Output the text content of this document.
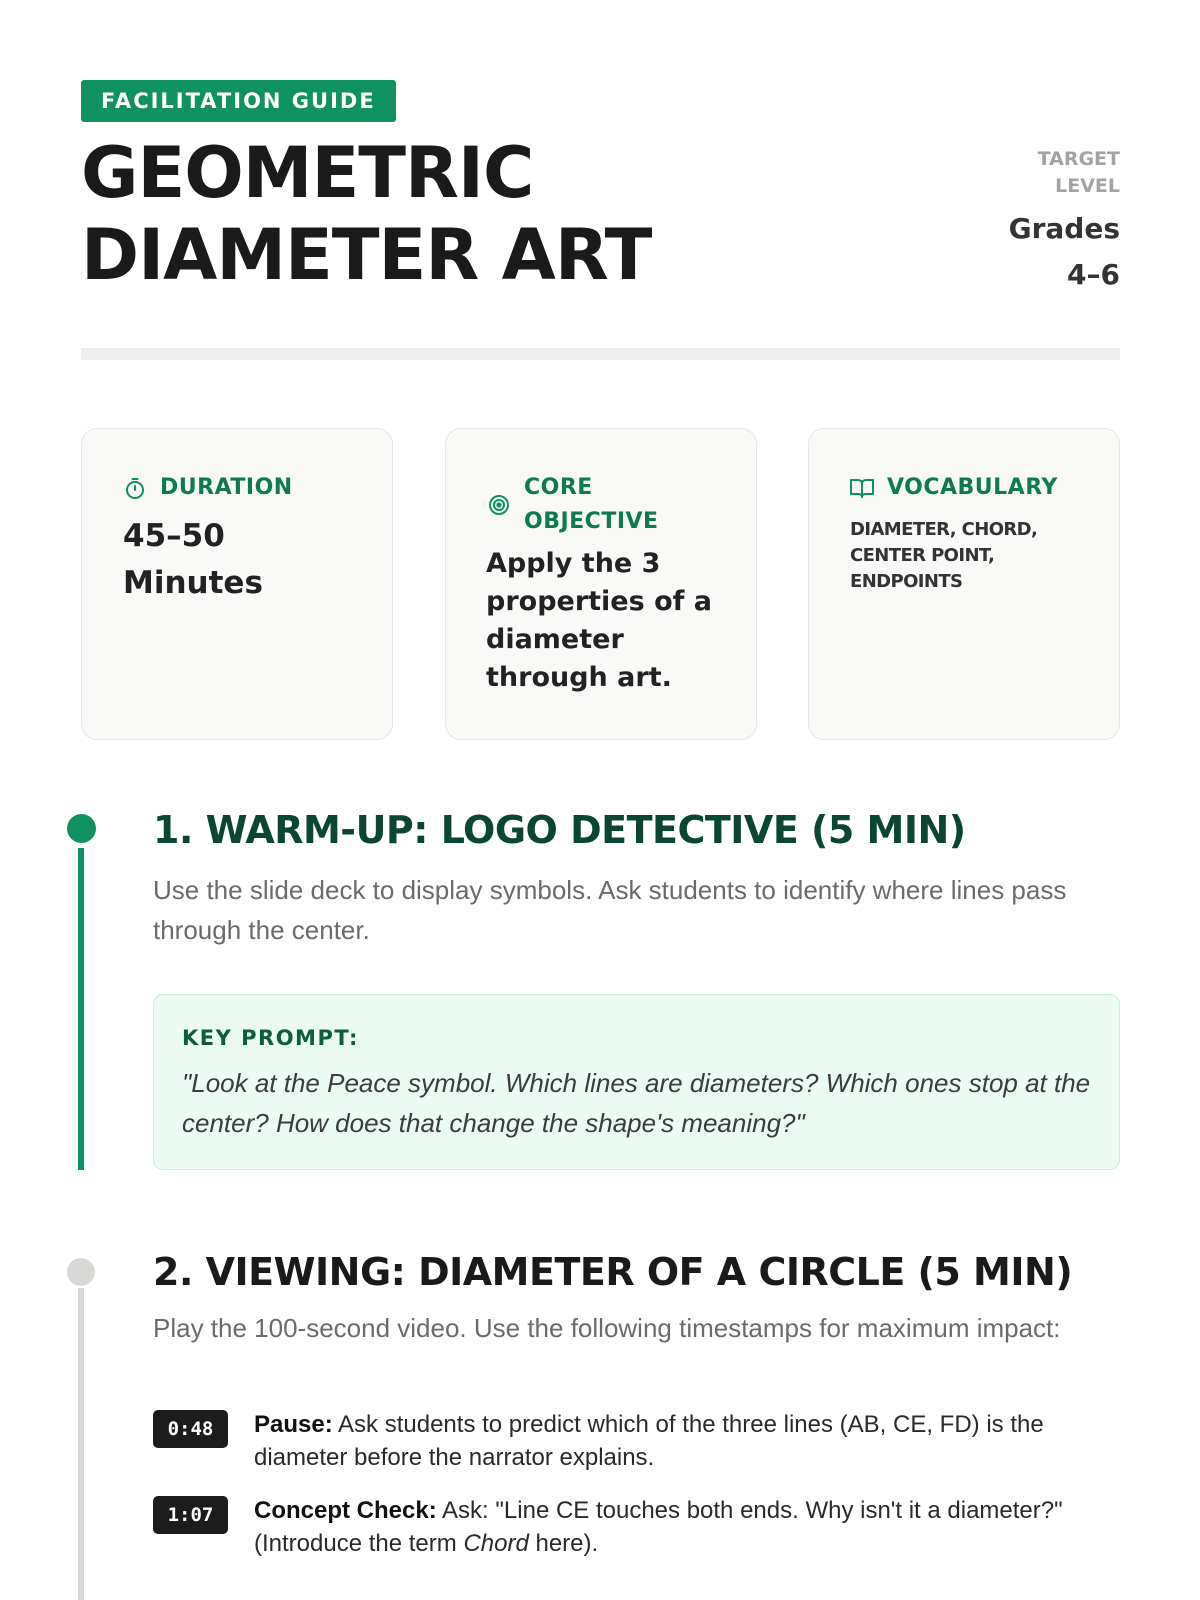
FACILITATION GUIDE
GEOMETRIC
DIAMETER ART
TARGET
LEVEL
Grades
4–6
DURATION
45–50
Minutes
CORE
OBJECTIVE
Apply the 3
properties of a
diameter
through art.
VOCABULARY
DIAMETER, CHORD,
CENTER POINT,
ENDPOINTS
1. WARM-UP: LOGO DETECTIVE (5 MIN)

Use the slide deck to display symbols. Ask students to identify where lines pass through the center.

KEY PROMPT:

"Look at the Peace symbol. Which lines are diameters? Which ones stop at the center? How does that change the shape's meaning?"

2. VIEWING: DIAMETER OF A CIRCLE (5 MIN)

Play the 100-second video. Use the following timestamps for maximum impact:

0:48	Pause: Ask students to predict which of the three lines (AB, CE, FD) is the diameter before the narrator explains.

1:07	Concept Check: Ask: "Line CE touches both ends. Why isn't it a diameter?" (Introduce the term Chord here).
